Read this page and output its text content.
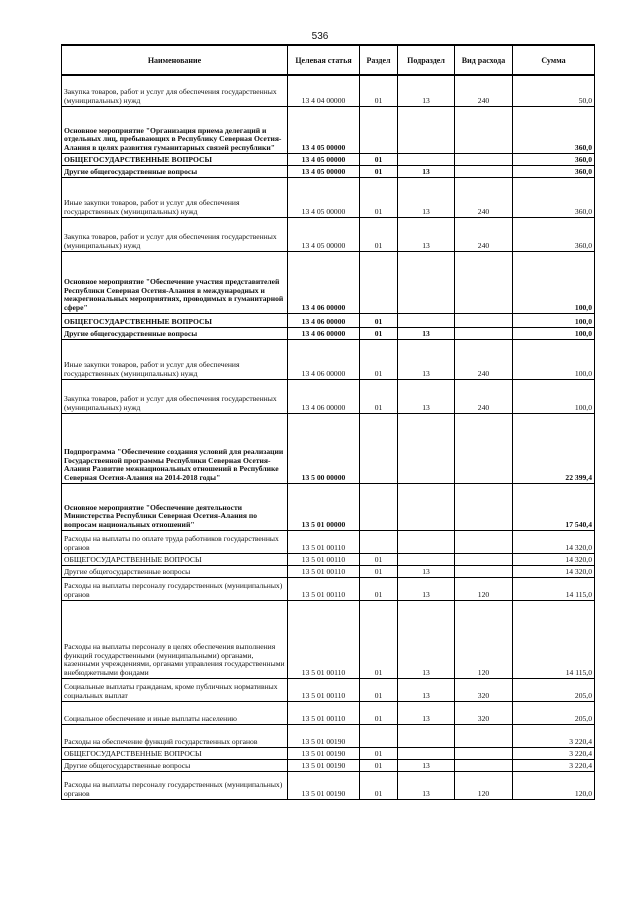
536
Наименование	Целевая статья	Раздел	Подраздел	Вид расхода	Сумма
Закупка товаров, работ и услуг для обеспечения государственных (муниципальных) нужд	13 4 04 00000	01	13	240	50,0
Основное мероприятие "Организация приема делегаций и отдельных лиц, пребывающих в Республику Северная Осетия-Алания в целях развития гуманитарных связей республики"	13 4 05 00000				360,0
ОБЩЕГОСУДАРСТВЕННЫЕ ВОПРОСЫ	13 4 05 00000	01			360,0
Другие общегосударственные вопросы	13 4 05 00000	01	13		360,0
Иные закупки товаров, работ и услуг для обеспечения государственных (муниципальных) нужд	13 4 05 00000	01	13	240	360,0
Закупка товаров, работ и услуг для обеспечения государственных (муниципальных) нужд	13 4 05 00000	01	13	240	360,0
Основное мероприятие "Обеспечение участия представителей Республики Северная Осетия-Алания в международных и межрегиональных мероприятиях, проводимых в гуманитарной сфере"	13 4 06 00000				100,0
ОБЩЕГОСУДАРСТВЕННЫЕ ВОПРОСЫ	13 4 06 00000	01			100,0
Другие общегосударственные вопросы	13 4 06 00000	01	13		100,0
Иные закупки товаров, работ и услуг для обеспечения государственных (муниципальных) нужд	13 4 06 00000	01	13	240	100,0
Закупка товаров, работ и услуг для обеспечения государственных (муниципальных) нужд	13 4 06 00000	01	13	240	100,0
Подпрограмма "Обеспечение создания условий для реализации Государственной программы Республики Северная Осетия-Алания Развитие межнациональных отношений в Республике Северная Осетия-Алания на 2014-2018 годы"	13 5 00 00000				22 399,4
Основное мероприятие "Обеспечение деятельности Министерства Республики Северная Осетия-Алания по вопросам национальных отношений"	13 5 01 00000				17 540,4
Расходы на выплаты по оплате труда работников государственных органов	13 5 01 00110				14 320,0
ОБЩЕГОСУДАРСТВЕННЫЕ ВОПРОСЫ	13 5 01 00110	01			14 320,0
Другие общегосударственные вопросы	13 5 01 00110	01	13		14 320,0
Расходы на выплаты персоналу государственных (муниципальных) органов	13 5 01 00110	01	13	120	14 115,0
Расходы на выплаты персоналу в целях обеспечения выполнения функций государственными (муниципальными) органами, казенными учреждениями, органами управления государственными внебюджетными фондами	13 5 01 00110	01	13	120	14 115,0
Социальные выплаты гражданам, кроме публичных нормативных социальных выплат	13 5 01 00110	01	13	320	205,0
Социальное обеспечение и иные выплаты населению	13 5 01 00110	01	13	320	205,0
Расходы на обеспечение функций государственных органов	13 5 01 00190				3 220,4
ОБЩЕГОСУДАРСТВЕННЫЕ ВОПРОСЫ	13 5 01 00190	01			3 220,4
Другие общегосударственные вопросы	13 5 01 00190	01	13		3 220,4
Расходы на выплаты персоналу государственных (муниципальных) органов	13 5 01 00190	01	13	120	120,0
